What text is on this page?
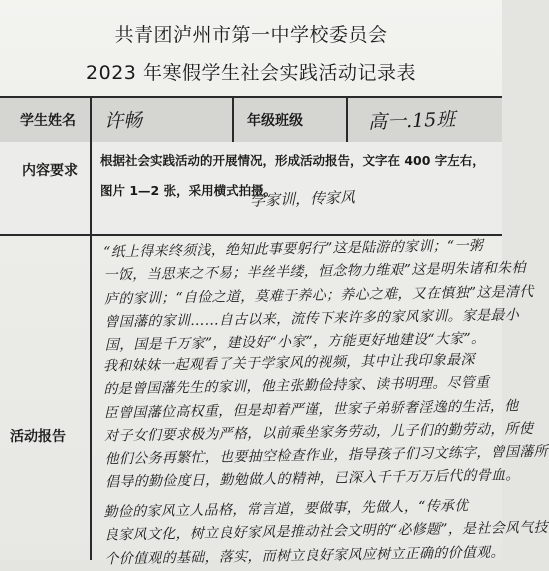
共青团泸州市第一中学校委员会
2023 年寒假学生社会实践活动记录表
学生姓名 许畅	年级班级	高一.15班
内容要求
根据社会实践活动的开展情况，形成活动报告，文字在 400 字左右，
图片 1—2 张，采用横式拍摄。
学家训，传家风
活动报告
“纸上得来终须浅，绝知此事要躬行”这是陆游的家训；“一粥
一饭，当思来之不易；半丝半缕，恒念物力维艰”这是明朱诸和朱柏
庐的家训；“自俭之道，莫难于养心；养心之难，又在慎独”这是清代
曾国藩的家训……自古以来，流传下来许多的家风家训。家是最小
国，国是千万家”，建设好“小家”，方能更好地建设“大家”。
我和妹妹一起观看了关于学家风的视频，其中让我印象最深
的是曾国藩先生的家训，他主张勤俭持家、读书明理。尽管重
臣曾国藩位高权重，但是却着严谨，世家子弟骄奢淫逸的生活，他
对子女们要求极为严格，以前乘坐家务劳动，儿子们的勤劳动，所使
他们公务再繁忙，也要抽空检查作业，指导孩子们习文练字，曾国藩所
倡导的勤俭度日，勤勉做人的精神，已深入千千万万后代的骨血。
勤俭的家风立人品格，常言道，要做事，先做人，“传承优
良家风文化，树立良好家风是推动社会文明的“必修题”，是社会风气技
个价值观的基础，落实，而树立良好家风应树立正确的价值观。
